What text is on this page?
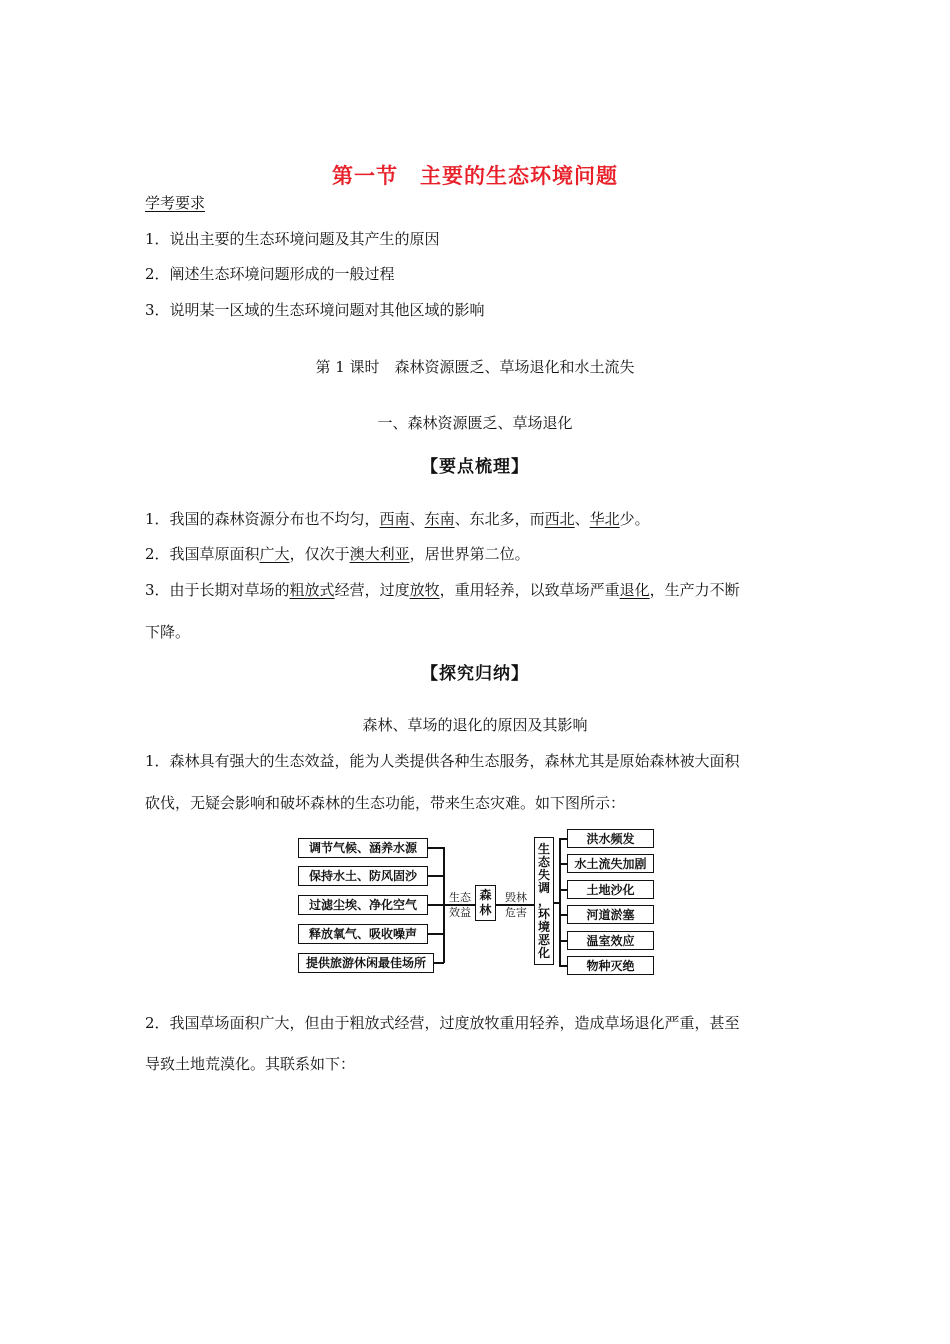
第一节　主要的生态环境问题
学考要求
1．说出主要的生态环境问题及其产生的原因
2．阐述生态环境问题形成的一般过程
3．说明某一区域的生态环境问题对其他区域的影响
第 1 课时　森林资源匮乏、草场退化和水土流失
一、森林资源匮乏、草场退化
【要点梳理】
1．我国的森林资源分布也不均匀，西南、东南、东北多，而西北、华北少。
2．我国草原面积广大，仅次于澳大利亚，居世界第二位。
3．由于长期对草场的粗放式经营，过度放牧，重用轻养，以致草场严重退化，生产力不断
下降。
【探究归纳】
森林、草场的退化的原因及其影响
1．森林具有强大的生态效益，能为人类提供各种生态服务，森林尤其是原始森林被大面积
砍伐，无疑会影响和破坏森林的生态功能，带来生态灾难。如下图所示：
调节气候、涵养水源
保持水土、防风固沙
过滤尘埃、净化空气
释放氧气、吸收噪声
提供旅游休闲最佳场所
生态
效益
森
林
毁林
危害
生
态
失
调
，
环
境
恶
化
洪水频发
水土流失加剧
土地沙化
河道淤塞
温室效应
物种灭绝
2．我国草场面积广大，但由于粗放式经营，过度放牧重用轻养，造成草场退化严重，甚至
导致土地荒漠化。其联系如下：
